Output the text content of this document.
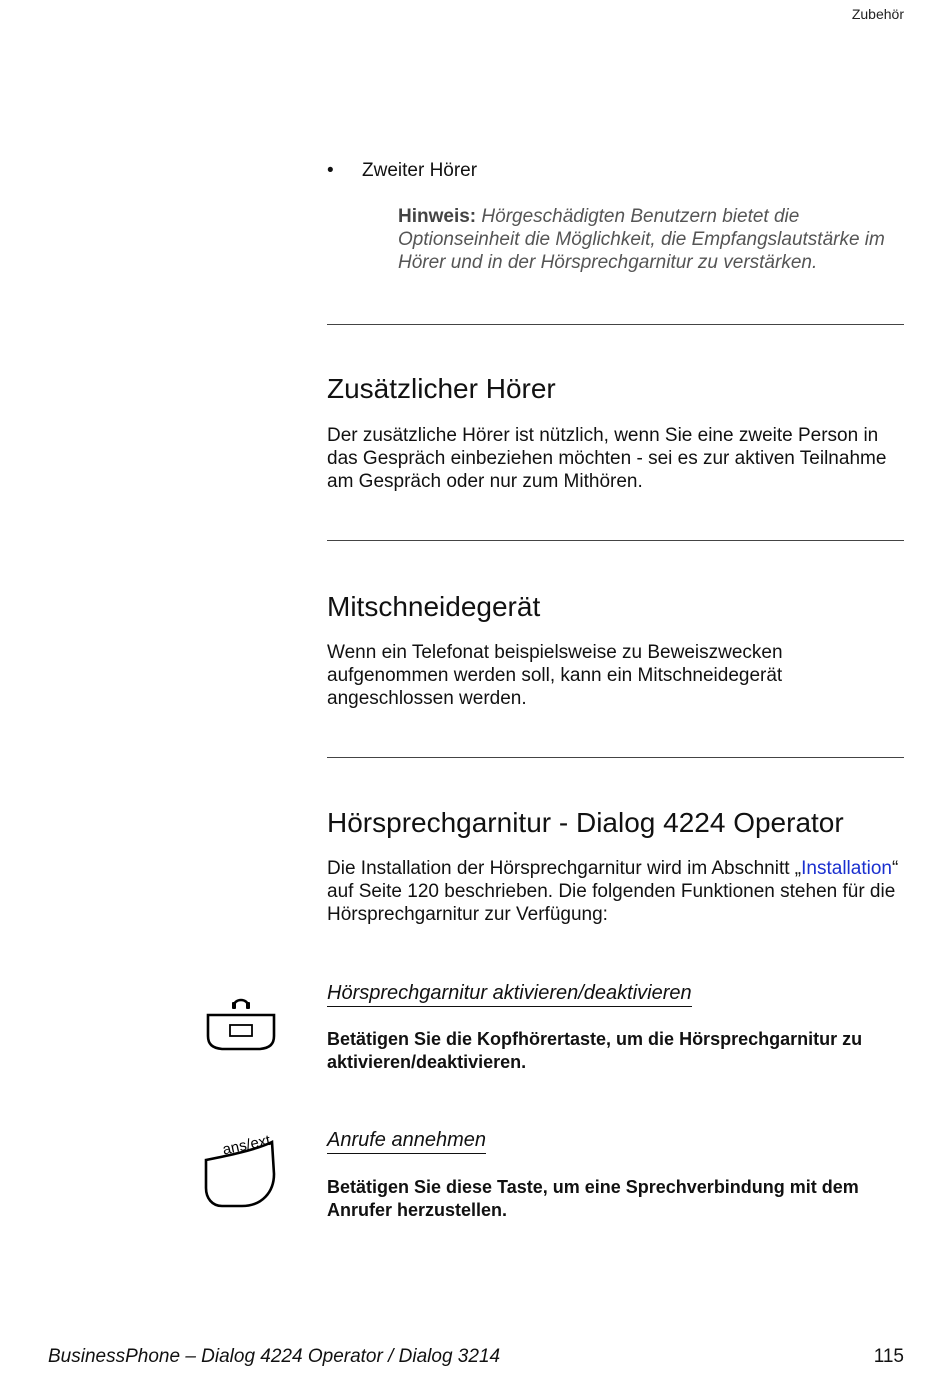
Zubehör
• Zweiter Hörer
Hinweis: Hörgeschädigten Benutzern bietet die Optionseinheit die Möglichkeit, die Empfangslautstärke im Hörer und in der Hörsprechgarnitur zu verstärken.
Zusätzlicher Hörer
Der zusätzliche Hörer ist nützlich, wenn Sie eine zweite Person in das Gespräch einbeziehen möchten - sei es zur aktiven Teilnahme am Gespräch oder nur zum Mithören.
Mitschneidegerät
Wenn ein Telefonat beispielsweise zu Beweiszwecken aufgenommen werden soll, kann ein Mitschneidegerät angeschlossen werden.
Hörsprechgarnitur - Dialog 4224 Operator
Die Installation der Hörsprechgarnitur wird im Abschnitt „Installation“ auf Seite 120 beschrieben. Die folgenden Funktionen stehen für die Hörsprechgarnitur zur Verfügung:
Hörsprechgarnitur aktivieren/deaktivieren
Betätigen Sie die Kopfhörertaste, um die Hörsprechgarnitur zu aktivieren/deaktivieren.
ans/ext	Anrufe annehmen
Betätigen Sie diese Taste, um eine Sprechverbindung mit dem Anrufer herzustellen.
BusinessPhone – Dialog 4224 Operator / Dialog 3214	115
